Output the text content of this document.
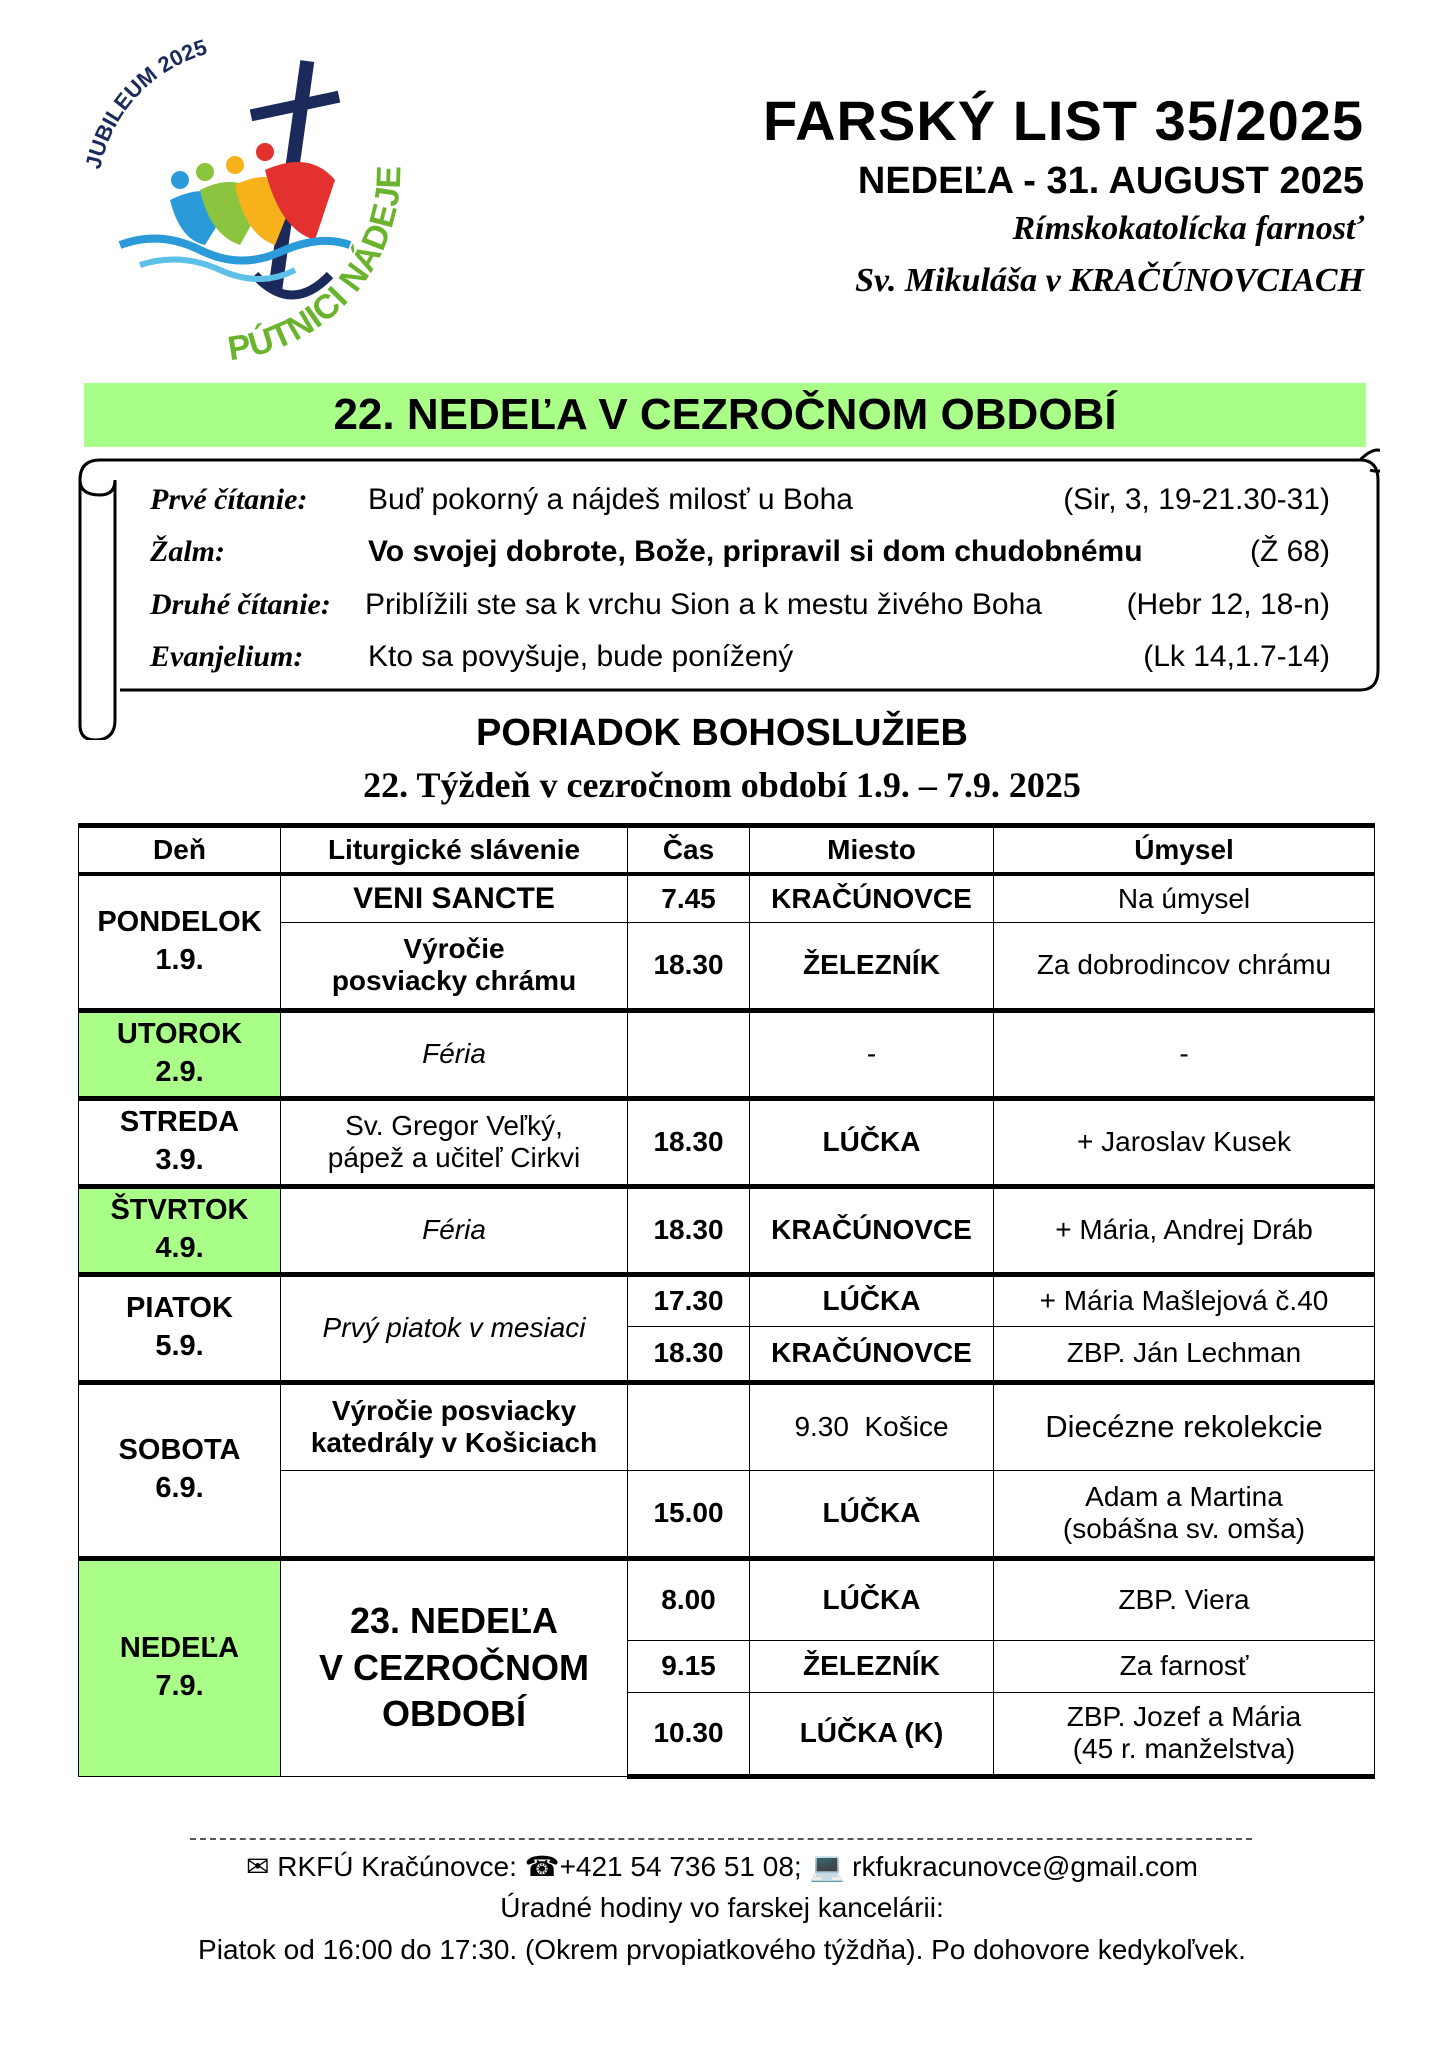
JUBILEUM 2025
PÚTNICI NÁDEJE
FARSKÝ LIST 35/2025
NEDEĽA - 31. AUGUST 2025
Rímskokatolícka farnosť
Sv. Mikuláša v KRAČÚNOVCIACH
22. NEDEĽA V CEZROČNOM OBDOBÍ
Prvé čítanie: Buď pokorný a nájdeš milosť u Boha	(Sir, 3, 19-21.30-31)
Žalm:	Vo svojej dobrote, Bože, pripravil si dom chudobnému	(Ž 68)
Druhé čítanie: Priblížili ste sa k vrchu Sion a k mestu živého Boha	(Hebr 12, 18-n)
Evanjelium: Kto sa povyšuje, bude ponížený	(Lk 14,1.7-14)
PORIADOK BOHOSLUŽIEB
22. Týždeň v cezročnom období 1.9. – 7.9. 2025
Deň	Liturgické slávenie	Čas	Miesto	Úmysel
PONDELOK
1.9.	VENI SANCTE	7.45	KRAČÚNOVCE	Na úmysel
	Výročie
posviacky chrámu	18.30	ŽELEZNÍK	Za dobrodincov chrámu
UTOROK
2.9.	Féria		-	-
STREDA
3.9.	Sv. Gregor Veľký,
pápež a učiteľ Cirkvi	18.30	LÚČKA	+ Jaroslav Kusek
ŠTVRTOK
4.9.	Féria	18.30	KRAČÚNOVCE	+ Mária, Andrej Dráb
PIATOK
5.9.	Prvý piatok v mesiaci	17.30	LÚČKA	+ Mária Mašlejová č.40
		18.30	KRAČÚNOVCE	ZBP. Ján Lechman
SOBOTA
6.9.	Výročie posviacky
katedrály v Košiciach		9.30  Košice	Diecézne rekolekcie
		15.00	LÚČKA	Adam a Martina
(sobášna sv. omša)
NEDEĽA
7.9.	23. NEDEĽA
V CEZROČNOM
OBDOBÍ	8.00	LÚČKA	ZBP. Viera
		9.15	ŽELEZNÍK	Za farnosť
		10.30	LÚČKA (K)	ZBP. Jozef a Mária
(45 r. manželstva)
✉ RKFÚ Kračúnovce: ☎+421 54 736 51 08; 💻 rkfukracunovce@gmail.com
Úradné hodiny vo farskej kancelárii:
Piatok od 16:00 do 17:30. (Okrem prvopiatkového týždňa). Po dohovore kedykoľvek.
